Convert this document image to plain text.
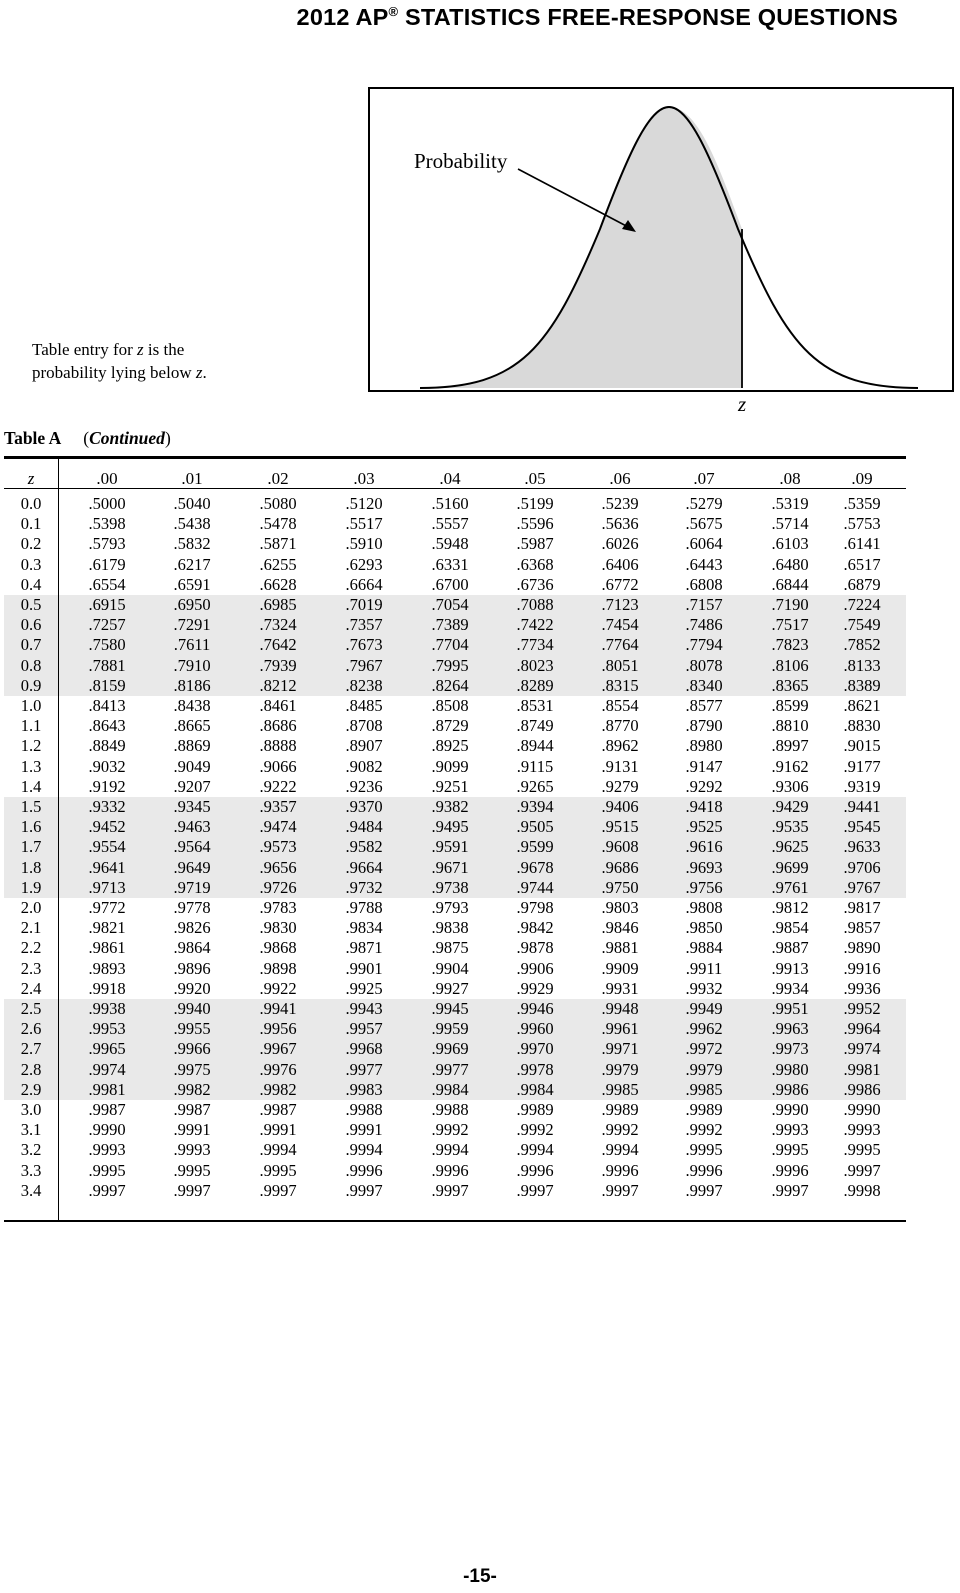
2012 AP® STATISTICS FREE-RESPONSE QUESTIONS
Probability
z
Table entry for z is the
probability lying below z.
Table A (Continued)
z	.00	.01	.02	.03	.04	.05	.06	.07	.08	.09
0.0	.5000	.5040	.5080	.5120	.5160	.5199	.5239	.5279	.5319	.5359
0.1	.5398	.5438	.5478	.5517	.5557	.5596	.5636	.5675	.5714	.5753
0.2	.5793	.5832	.5871	.5910	.5948	.5987	.6026	.6064	.6103	.6141
0.3	.6179	.6217	.6255	.6293	.6331	.6368	.6406	.6443	.6480	.6517
0.4	.6554	.6591	.6628	.6664	.6700	.6736	.6772	.6808	.6844	.6879
0.5	.6915	.6950	.6985	.7019	.7054	.7088	.7123	.7157	.7190	.7224
0.6	.7257	.7291	.7324	.7357	.7389	.7422	.7454	.7486	.7517	.7549
0.7	.7580	.7611	.7642	.7673	.7704	.7734	.7764	.7794	.7823	.7852
0.8	.7881	.7910	.7939	.7967	.7995	.8023	.8051	.8078	.8106	.8133
0.9	.8159	.8186	.8212	.8238	.8264	.8289	.8315	.8340	.8365	.8389
1.0	.8413	.8438	.8461	.8485	.8508	.8531	.8554	.8577	.8599	.8621
1.1	.8643	.8665	.8686	.8708	.8729	.8749	.8770	.8790	.8810	.8830
1.2	.8849	.8869	.8888	.8907	.8925	.8944	.8962	.8980	.8997	.9015
1.3	.9032	.9049	.9066	.9082	.9099	.9115	.9131	.9147	.9162	.9177
1.4	.9192	.9207	.9222	.9236	.9251	.9265	.9279	.9292	.9306	.9319
1.5	.9332	.9345	.9357	.9370	.9382	.9394	.9406	.9418	.9429	.9441
1.6	.9452	.9463	.9474	.9484	.9495	.9505	.9515	.9525	.9535	.9545
1.7	.9554	.9564	.9573	.9582	.9591	.9599	.9608	.9616	.9625	.9633
1.8	.9641	.9649	.9656	.9664	.9671	.9678	.9686	.9693	.9699	.9706
1.9	.9713	.9719	.9726	.9732	.9738	.9744	.9750	.9756	.9761	.9767
2.0	.9772	.9778	.9783	.9788	.9793	.9798	.9803	.9808	.9812	.9817
2.1	.9821	.9826	.9830	.9834	.9838	.9842	.9846	.9850	.9854	.9857
2.2	.9861	.9864	.9868	.9871	.9875	.9878	.9881	.9884	.9887	.9890
2.3	.9893	.9896	.9898	.9901	.9904	.9906	.9909	.9911	.9913	.9916
2.4	.9918	.9920	.9922	.9925	.9927	.9929	.9931	.9932	.9934	.9936
2.5	.9938	.9940	.9941	.9943	.9945	.9946	.9948	.9949	.9951	.9952
2.6	.9953	.9955	.9956	.9957	.9959	.9960	.9961	.9962	.9963	.9964
2.7	.9965	.9966	.9967	.9968	.9969	.9970	.9971	.9972	.9973	.9974
2.8	.9974	.9975	.9976	.9977	.9977	.9978	.9979	.9979	.9980	.9981
2.9	.9981	.9982	.9982	.9983	.9984	.9984	.9985	.9985	.9986	.9986
3.0	.9987	.9987	.9987	.9988	.9988	.9989	.9989	.9989	.9990	.9990
3.1	.9990	.9991	.9991	.9991	.9992	.9992	.9992	.9992	.9993	.9993
3.2	.9993	.9993	.9994	.9994	.9994	.9994	.9994	.9995	.9995	.9995
3.3	.9995	.9995	.9995	.9996	.9996	.9996	.9996	.9996	.9996	.9997
3.4	.9997	.9997	.9997	.9997	.9997	.9997	.9997	.9997	.9997	.9998
-15-
